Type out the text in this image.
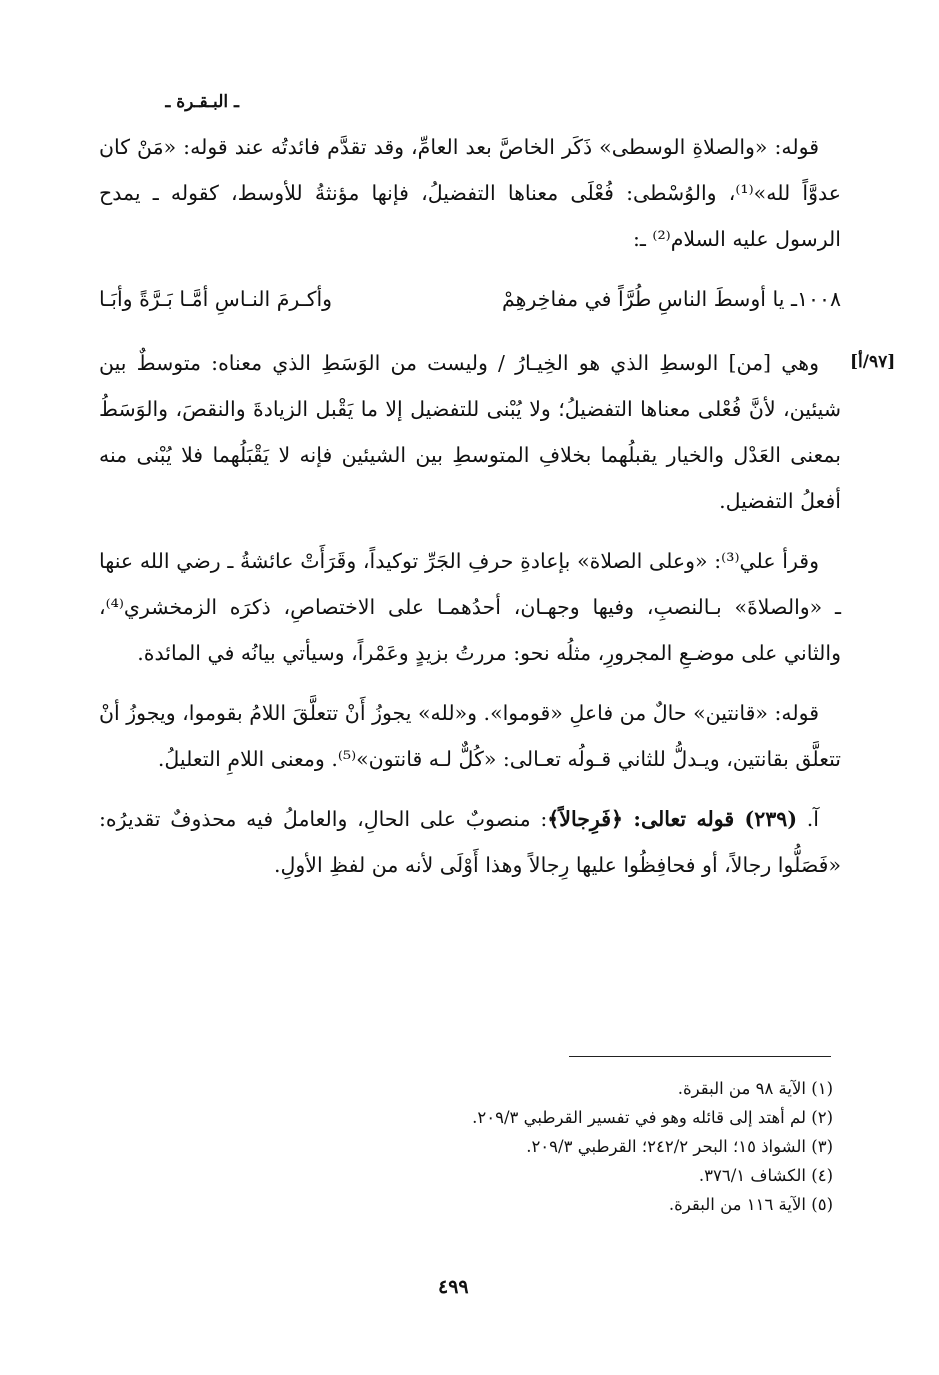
ـ البـقـرة ـ
[٩٧/أ]

قوله: «والصلاةِ الوسطى» ذَكَر الخاصَّ بعد العامِّ، وقد تقدَّم فائدتُه عند قوله: «مَنْ كان عدوَّاً لله»⁽¹⁾، والوُسْطى: فُعْلَى معناها التفضيلُ، فإنها مؤنثةُ للأوسط، كقوله ـ يمدح الرسول عليه السلام⁽²⁾ ـ:

١٠٠٨ـ يا أوسطَ الناسِ طُرَّاً في مفاخِرهِمْ
وأكـرمَ النـاسِ أمَّـا بَـرَّةً وأبَـا

وهي [من] الوسطِ الذي هو الخِيـارُ / وليست من الوَسَطِ الذي معناه: متوسطٌ بين شيئين، لأنَّ فُعْلى معناها التفضيلُ؛ ولا يُبْنى للتفضيل إلا ما يَقْبل الزيادةَ والنقصَ، والوَسَطُ بمعنى العَدْل والخيار يقبلُهما بخلافِ المتوسطِ بين الشيئين فإنه لا يَقْبَلُهما فلا يُبْنى منه أفعلُ التفضيل.

وقرأ علي⁽³⁾: «وعلى الصلاة» بإعادةِ حرفِ الجَرِّ توكيداً، وقَرَأَتْ عائشةُ ـ رضي الله عنها ـ «والصلاةَ» بـالنصبِ، وفيها وجهـان، أحدُهمـا على الاختصاصِ، ذكرَه الزمخشري⁽⁴⁾، والثاني على موضـعِ المجرورِ، مثلُه نحو: مررتُ بزيدٍ وعَمْراً، وسيأتي بيانُه في المائدة.

قوله: «قانتين» حالٌ من فاعلِ «قوموا». و«لله» يجوزُ أَنْ تتعلَّقَ اللامُ بقوموا، ويجوزُ أنْ تتعلَّق بقانتين، ويـدلُّ للثاني قـولُه تعـالى: «كُلٌّ لـه قانتون»⁽⁵⁾. ومعنى اللامِ التعليلُ.

آ. (٢٣٩) قوله تعالى: ﴿فَرِجالاً﴾: منصوبٌ على الحالِ، والعاملُ فيه محذوفٌ تقديرُه: «فَصَلُّوا رجالاً، أو فحافِظُوا عليها رِجالاً وهذا أَوْلَى لأنه من لفظِ الأولِ.

(١) الآية ٩٨ من البقرة.
(٢) لم أهتد إلى قائله وهو في تفسير القرطبي ٢٠٩/٣.
(٣) الشواذ ١٥؛ البحر ٢٤٢/٢؛ القرطبي ٢٠٩/٣.
(٤) الكشاف ٣٧٦/١.
(٥) الآية ١١٦ من البقرة.
٤٩٩
